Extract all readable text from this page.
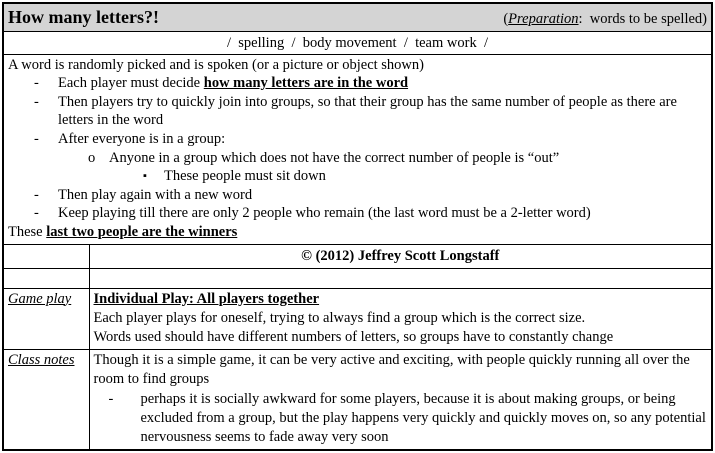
How many letters?! (Preparation:  words to be spelled)	

/  spelling  /  body movement  /  team work  /	

A word is randomly picked and is spoken (or a picture or object shown)
- Each player must decide how many letters are in the word
- Then players try to quickly join into groups, so that their group has the same number of people as there are letters in the word
- After everyone is in a group:
o Anyone in a group which does not have the correct number of people is “out”
▪ These people must sit down
- Then play again with a new word
- Keep playing till there are only 2 people who remain (the last word must be a 2-letter word)
These last two people are the winners

	© (2012) Jeffrey Scott Longstaff

Game play	Individual Play: All players together
Each player plays for oneself, trying to always find a group which is the correct size.
Words used should have different numbers of letters, so groups have to constantly change

Class notes	Though it is a simple game, it can be very active and exciting, with people quickly running all over the room to find groups
- perhaps it is socially awkward for some players, because it is about making groups, or being excluded from a group, but the play happens very quickly and quickly moves on, so any potential nervousness seems to fade away very soon
